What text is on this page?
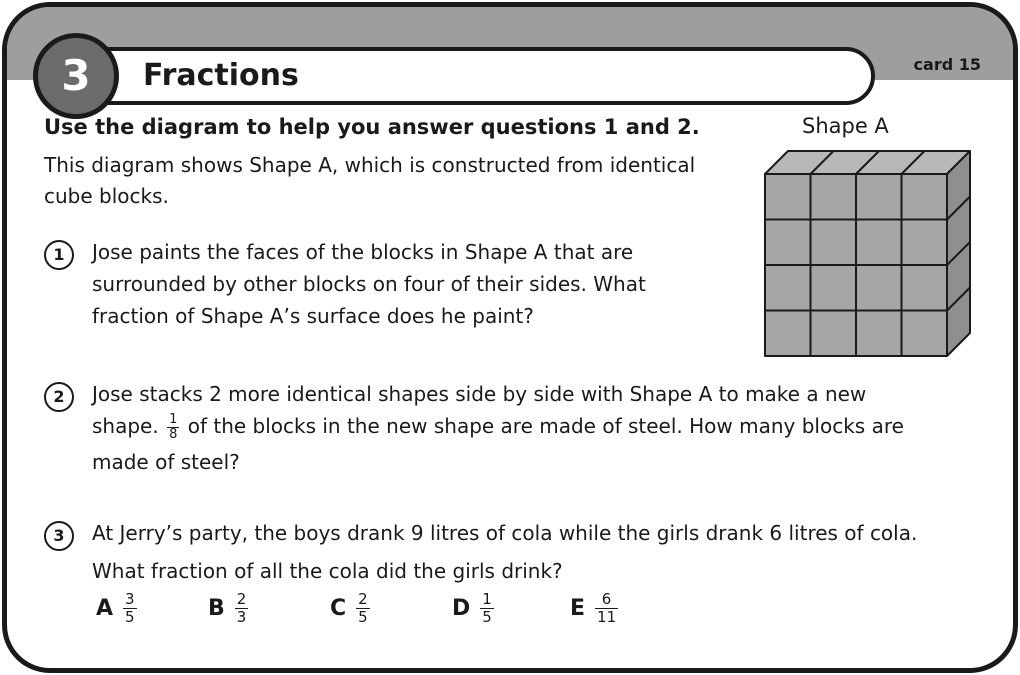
Fractions	card 15
3
Use the diagram to help you answer questions 1 and 2.	Shape A
This diagram shows Shape A, which is constructed from identical cube blocks.
1	Jose paints the faces of the blocks in Shape A that are
surrounded by other blocks on four of their sides. What
fraction of Shape A’s surface does he paint?
2	Jose stacks 2 more identical shapes side by side with Shape A to make a new
shape. $\frac{1}{8}$ of the blocks in the new shape are made of steel. How many blocks are
made of steel?
3	At Jerry’s party, the boys drank 9 litres of cola while the girls drank 6 litres of cola.
What fraction of all the cola did the girls drink?
A $\frac{3}{5}$	B $\frac{2}{3}$	C $\frac{2}{5}$	D $\frac{1}{5}$	E $\frac{6}{11}$
